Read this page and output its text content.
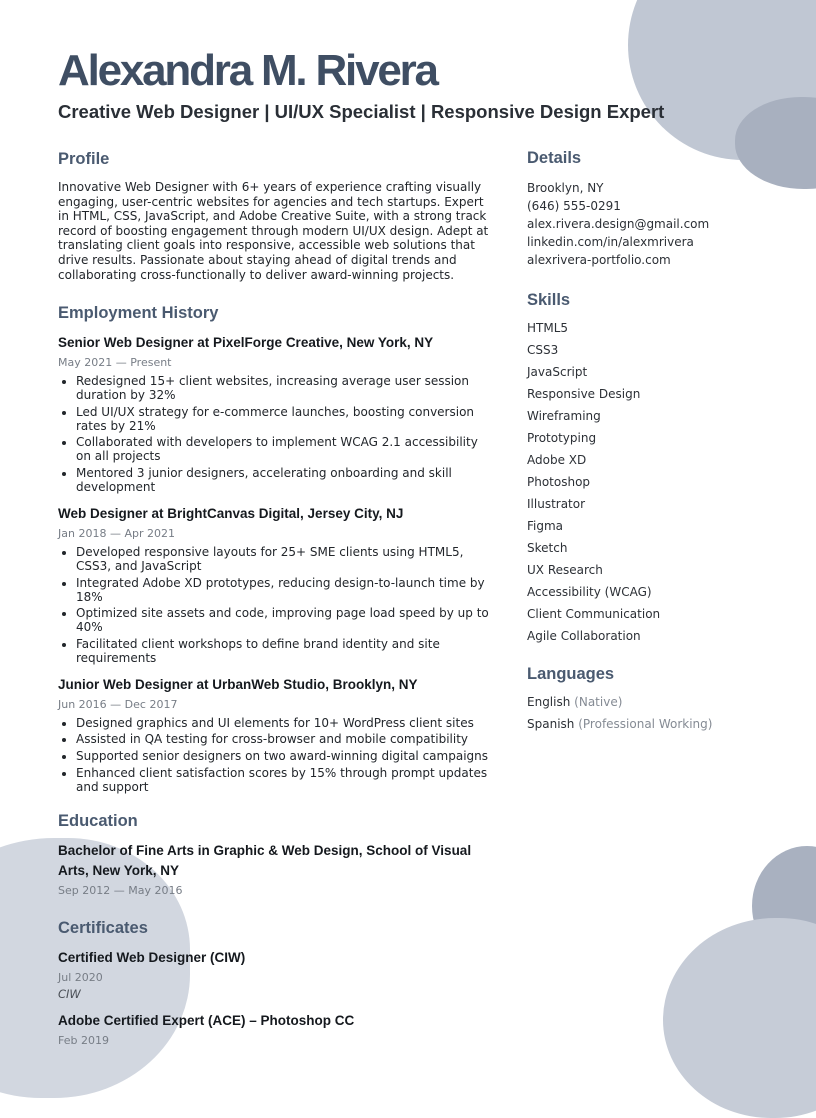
Alexandra M. Rivera

Creative Web Designer | UI/UX Specialist | Responsive Design Expert

Profile

Innovative Web Designer with 6+ years of experience crafting visually engaging, user-centric websites for agencies and tech startups. Expert in HTML, CSS, JavaScript, and Adobe Creative Suite, with a strong track record of boosting engagement through modern UI/UX design. Adept at translating client goals into responsive, accessible web solutions that drive results. Passionate about staying ahead of digital trends and collaborating cross-functionally to deliver award-winning projects.

Employment History

Senior Web Designer at PixelForge Creative, New York, NY

May 2021 — Present

• Redesigned 15+ client websites, increasing average user session duration by 32%
• Led UI/UX strategy for e-commerce launches, boosting conversion rates by 21%
• Collaborated with developers to implement WCAG 2.1 accessibility on all projects
• Mentored 3 junior designers, accelerating onboarding and skill development

Web Designer at BrightCanvas Digital, Jersey City, NJ

Jan 2018 — Apr 2021

• Developed responsive layouts for 25+ SME clients using HTML5, CSS3, and JavaScript
• Integrated Adobe XD prototypes, reducing design-to-launch time by 18%
• Optimized site assets and code, improving page load speed by up to 40%
• Facilitated client workshops to define brand identity and site requirements

Junior Web Designer at UrbanWeb Studio, Brooklyn, NY

Jun 2016 — Dec 2017

• Designed graphics and UI elements for 10+ WordPress client sites
• Assisted in QA testing for cross-browser and mobile compatibility
• Supported senior designers on two award-winning digital campaigns
• Enhanced client satisfaction scores by 15% through prompt updates and support
Education

Bachelor of Fine Arts in Graphic & Web Design, School of Visual Arts, New York, NY

Sep 2012 — May 2016

Certificates

Certified Web Designer (CIW)

Jul 2020

CIW

Adobe Certified Expert (ACE) – Photoshop CC

Feb 2019

Details

Brooklyn, NY

(646) 555-0291

alex.rivera.design@gmail.com

linkedin.com/in/alexmrivera

alexrivera-portfolio.com

Skills

HTML5

CSS3

JavaScript

Responsive Design

Wireframing

Prototyping

Adobe XD

Photoshop

Illustrator

Figma

Sketch

UX Research

Accessibility (WCAG)

Client Communication

Agile Collaboration

Languages

English (Native)

Spanish (Professional Working)
